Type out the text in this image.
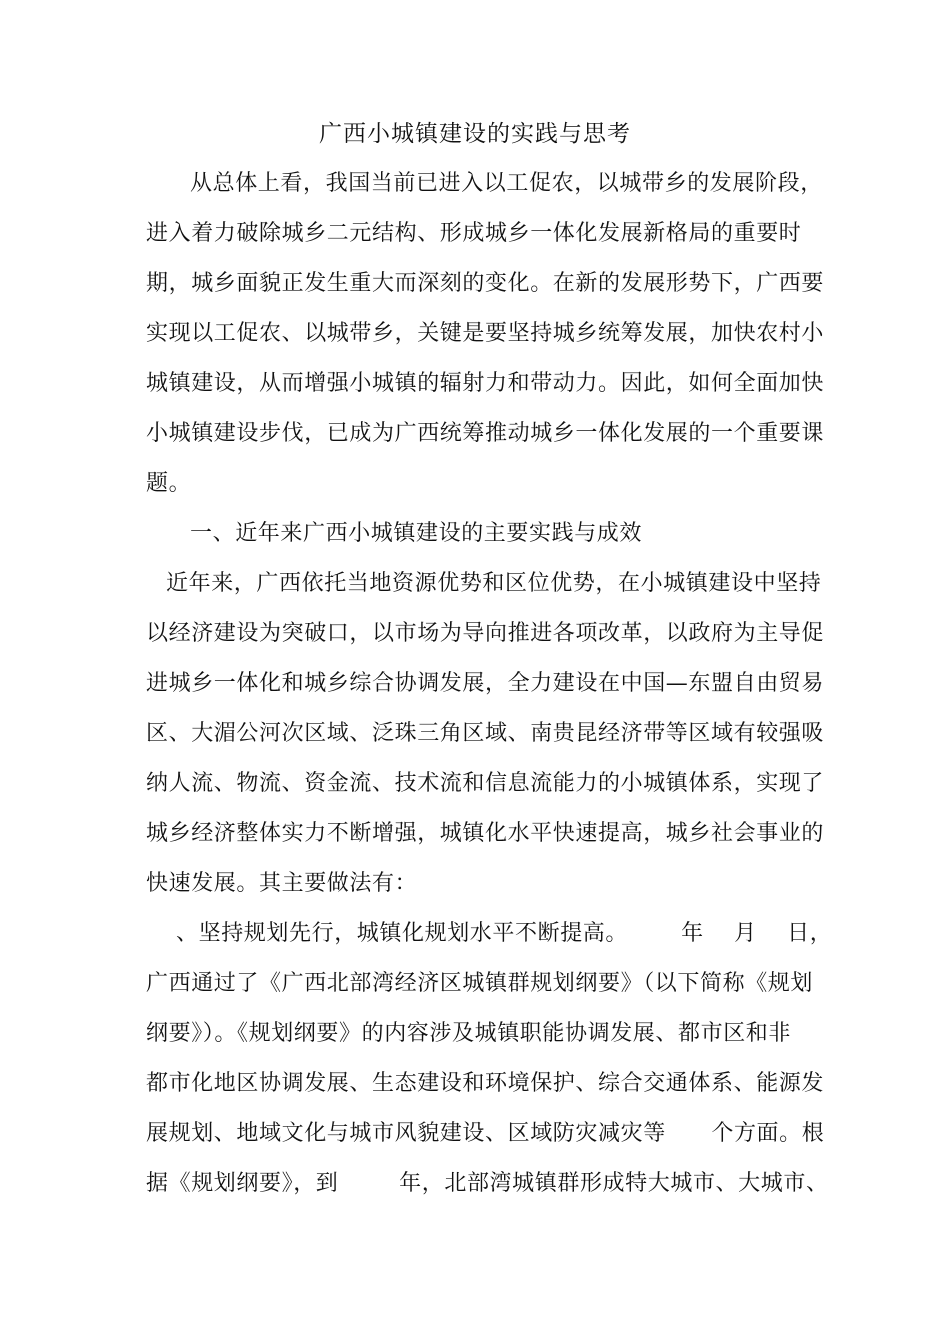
广西小城镇建设的实践与思考
从总体上看，我国当前已进入以工促农，以城带乡的发展阶段，
进入着力破除城乡二元结构、形成城乡一体化发展新格局的重要时
期，城乡面貌正发生重大而深刻的变化。在新的发展形势下，广西要
实现以工促农、以城带乡，关键是要坚持城乡统筹发展，加快农村小
城镇建设，从而增强小城镇的辐射力和带动力。因此，如何全面加快
小城镇建设步伐，已成为广西统筹推动城乡一体化发展的一个重要课
题。
一、近年来广西小城镇建设的主要实践与成效
近年来，广西依托当地资源优势和区位优势，在小城镇建设中坚持
以经济建设为突破口，以市场为导向推进各项改革，以政府为主导促
进城乡一体化和城乡综合协调发展，全力建设在中国—东盟自由贸易
区、大湄公河次区域、泛珠三角区域、南贵昆经济带等区域有较强吸
纳人流、物流、资金流、技术流和信息流能力的小城镇体系，实现了
城乡经济整体实力不断增强，城镇化水平快速提高，城乡社会事业的
快速发展。其主要做法有：
、坚持规划先行，城镇化规划水平不断提高。       年    月    日，
广西通过了《广西北部湾经济区城镇群规划纲要》（以下简称《规划
纲要》）。《规划纲要》的内容涉及城镇职能协调发展、都市区和非
都市化地区协调发展、生态建设和环境保护、综合交通体系、能源发
展规划、地域文化与城市风貌建设、区域防灾减灾等      个方面。根
据《规划纲要》，到        年，北部湾城镇群形成特大城市、大城市、
